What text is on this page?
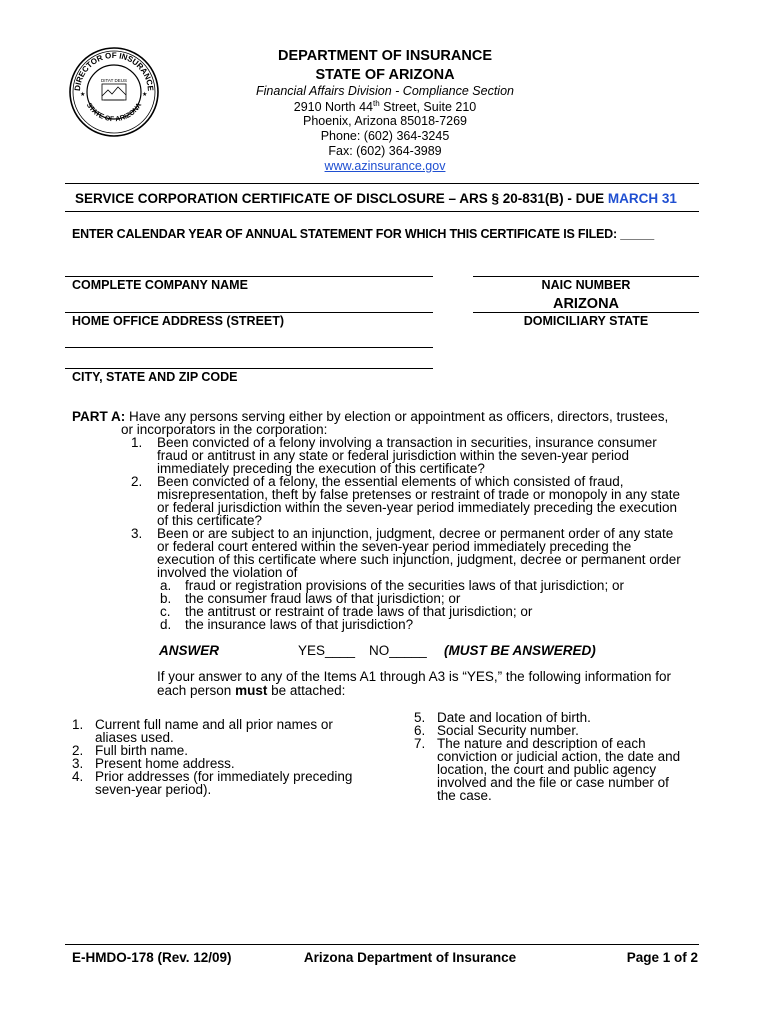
DIRECTOR OF INSURANCE
STATE OF ARIZONA
DITAT DEUS
★	★
DEPARTMENT OF INSURANCE
STATE OF ARIZONA
Financial Affairs Division - Compliance Section
2910 North 44th Street, Suite 210
Phoenix, Arizona 85018-7269
Phone: (602) 364-3245
Fax: (602) 364-3989
www.azinsurance.gov
SERVICE CORPORATION CERTIFICATE OF DISCLOSURE – ARS § 20-831(B) - DUE MARCH 31
ENTER CALENDAR YEAR OF ANNUAL STATEMENT FOR WHICH THIS CERTIFICATE IS FILED: _____
COMPLETE COMPANY NAME	NAIC NUMBER
ARIZONA
HOME OFFICE ADDRESS (STREET)	DOMICILIARY STATE
CITY, STATE AND ZIP CODE
PART A: Have any persons serving either by election or appointment as officers, directors, trustees,
or incorporators in the corporation:
1. Been convicted of a felony involving a transaction in securities, insurance consumer
fraud or antitrust in any state or federal jurisdiction within the seven-year period
immediately preceding the execution of this certificate?
2. Been convicted of a felony, the essential elements of which consisted of fraud,
misrepresentation, theft by false pretenses or restraint of trade or monopoly in any state
or federal jurisdiction within the seven-year period immediately preceding the execution
of this certificate?
3. Been or are subject to an injunction, judgment, decree or permanent order of any state
or federal court entered within the seven-year period immediately preceding the
execution of this certificate where such injunction, judgment, decree or permanent order
involved the violation of
a. fraud or registration provisions of the securities laws of that jurisdiction; or
b. the consumer fraud laws of that jurisdiction; or
c. the antitrust or restraint of trade laws of that jurisdiction; or
d. the insurance laws of that jurisdiction?
ANSWER	YES____ NO_____ (MUST BE ANSWERED)
If your answer to any of the Items A1 through A3 is “YES,” the following information for
each person must be attached:
1. Current full name and all prior names or
aliases used.
2. Full birth name.
3. Present home address.
4. Prior addresses (for immediately preceding
seven-year period).
5. Date and location of birth.
6. Social Security number.
7. The nature and description of each
conviction or judicial action, the date and
location, the court and public agency
involved and the file or case number of
the case.
E-HMDO-178 (Rev. 12/09)	Arizona Department of Insurance	Page 1 of 2
